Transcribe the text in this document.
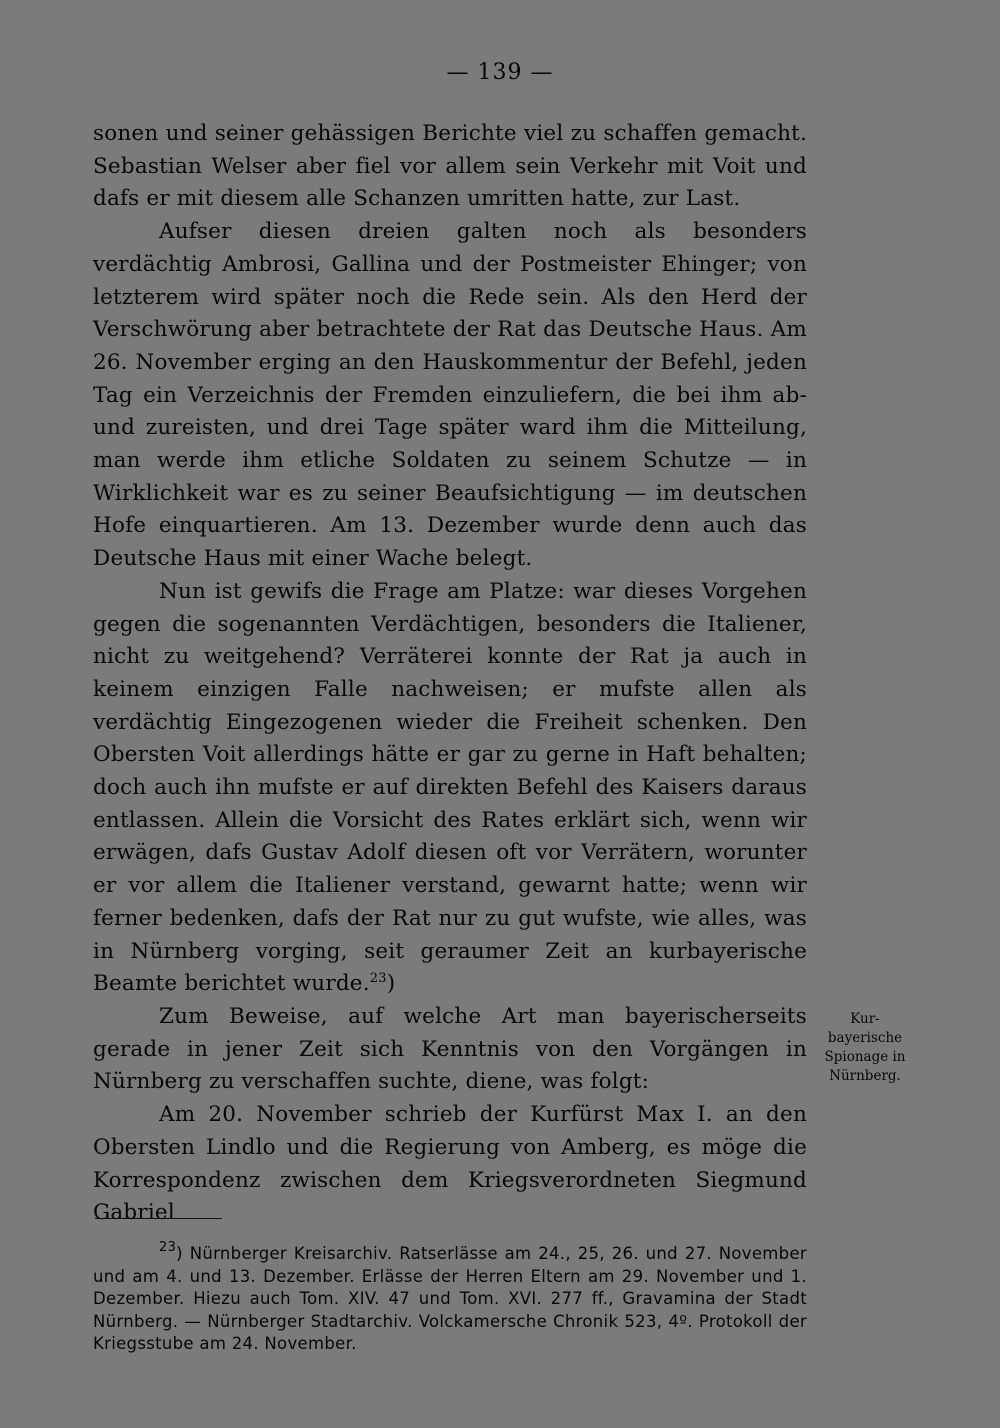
— 139 —

sonen und seiner gehässigen Berichte viel zu schaffen gemacht. Sebastian Welser aber fiel vor allem sein Verkehr mit Voit und dafs er mit diesem alle Schanzen umritten hatte, zur Last.

Aufser diesen dreien galten noch als besonders verdächtig Ambrosi, Gallina und der Postmeister Ehinger; von letzterem wird später noch die Rede sein. Als den Herd der Verschwörung aber betrachtete der Rat das Deutsche Haus. Am 26. November erging an den Hauskommentur der Befehl, jeden Tag ein Verzeichnis der Fremden einzuliefern, die bei ihm ab- und zureisten, und drei Tage später ward ihm die Mitteilung, man werde ihm etliche Soldaten zu seinem Schutze — in Wirklichkeit war es zu seiner Beaufsichtigung — im deutschen Hofe einquartieren. Am 13. Dezember wurde denn auch das Deutsche Haus mit einer Wache belegt.

Nun ist gewifs die Frage am Platze: war dieses Vorgehen gegen die sogenannten Verdächtigen, besonders die Italiener, nicht zu weitgehend? Verräterei konnte der Rat ja auch in keinem einzigen Falle nachweisen; er mufste allen als verdächtig Eingezogenen wieder die Freiheit schenken. Den Obersten Voit allerdings hätte er gar zu gerne in Haft behalten; doch auch ihn mufste er auf direkten Befehl des Kaisers daraus entlassen. Allein die Vorsicht des Rates erklärt sich, wenn wir erwägen, dafs Gustav Adolf diesen oft vor Verrätern, worunter er vor allem die Italiener verstand, gewarnt hatte; wenn wir ferner bedenken, dafs der Rat nur zu gut wufste, wie alles, was in Nürnberg vorging, seit geraumer Zeit an kurbayerische Beamte berichtet wurde.$^{23}$)

Zum Beweise, auf welche Art man bayerischerseits gerade in jener Zeit sich Kenntnis von den Vorgängen in Nürnberg zu verschaffen suchte, diene, was folgt:

Am 20. November schrieb der Kurfürst Max I. an den Obersten Lindlo und die Regierung von Amberg, es möge die Korrespondenz zwischen dem Kriegsverordneten Siegmund Gabriel

Kur-bayerische Spionage in Nürnberg.

$^{23}$) Nürnberger Kreisarchiv. Ratserlässe am 24., 25, 26. und 27. November und am 4. und 13. Dezember. Erlässe der Herren Eltern am 29. November und 1. Dezember. Hiezu auch Tom. XIV. 47 und Tom. XVI. 277 ff., Gravamina der Stadt Nürnberg. — Nürnberger Stadtarchiv. Volckamersche Chronik 523, 4º. Protokoll der Kriegsstube am 24. November.
